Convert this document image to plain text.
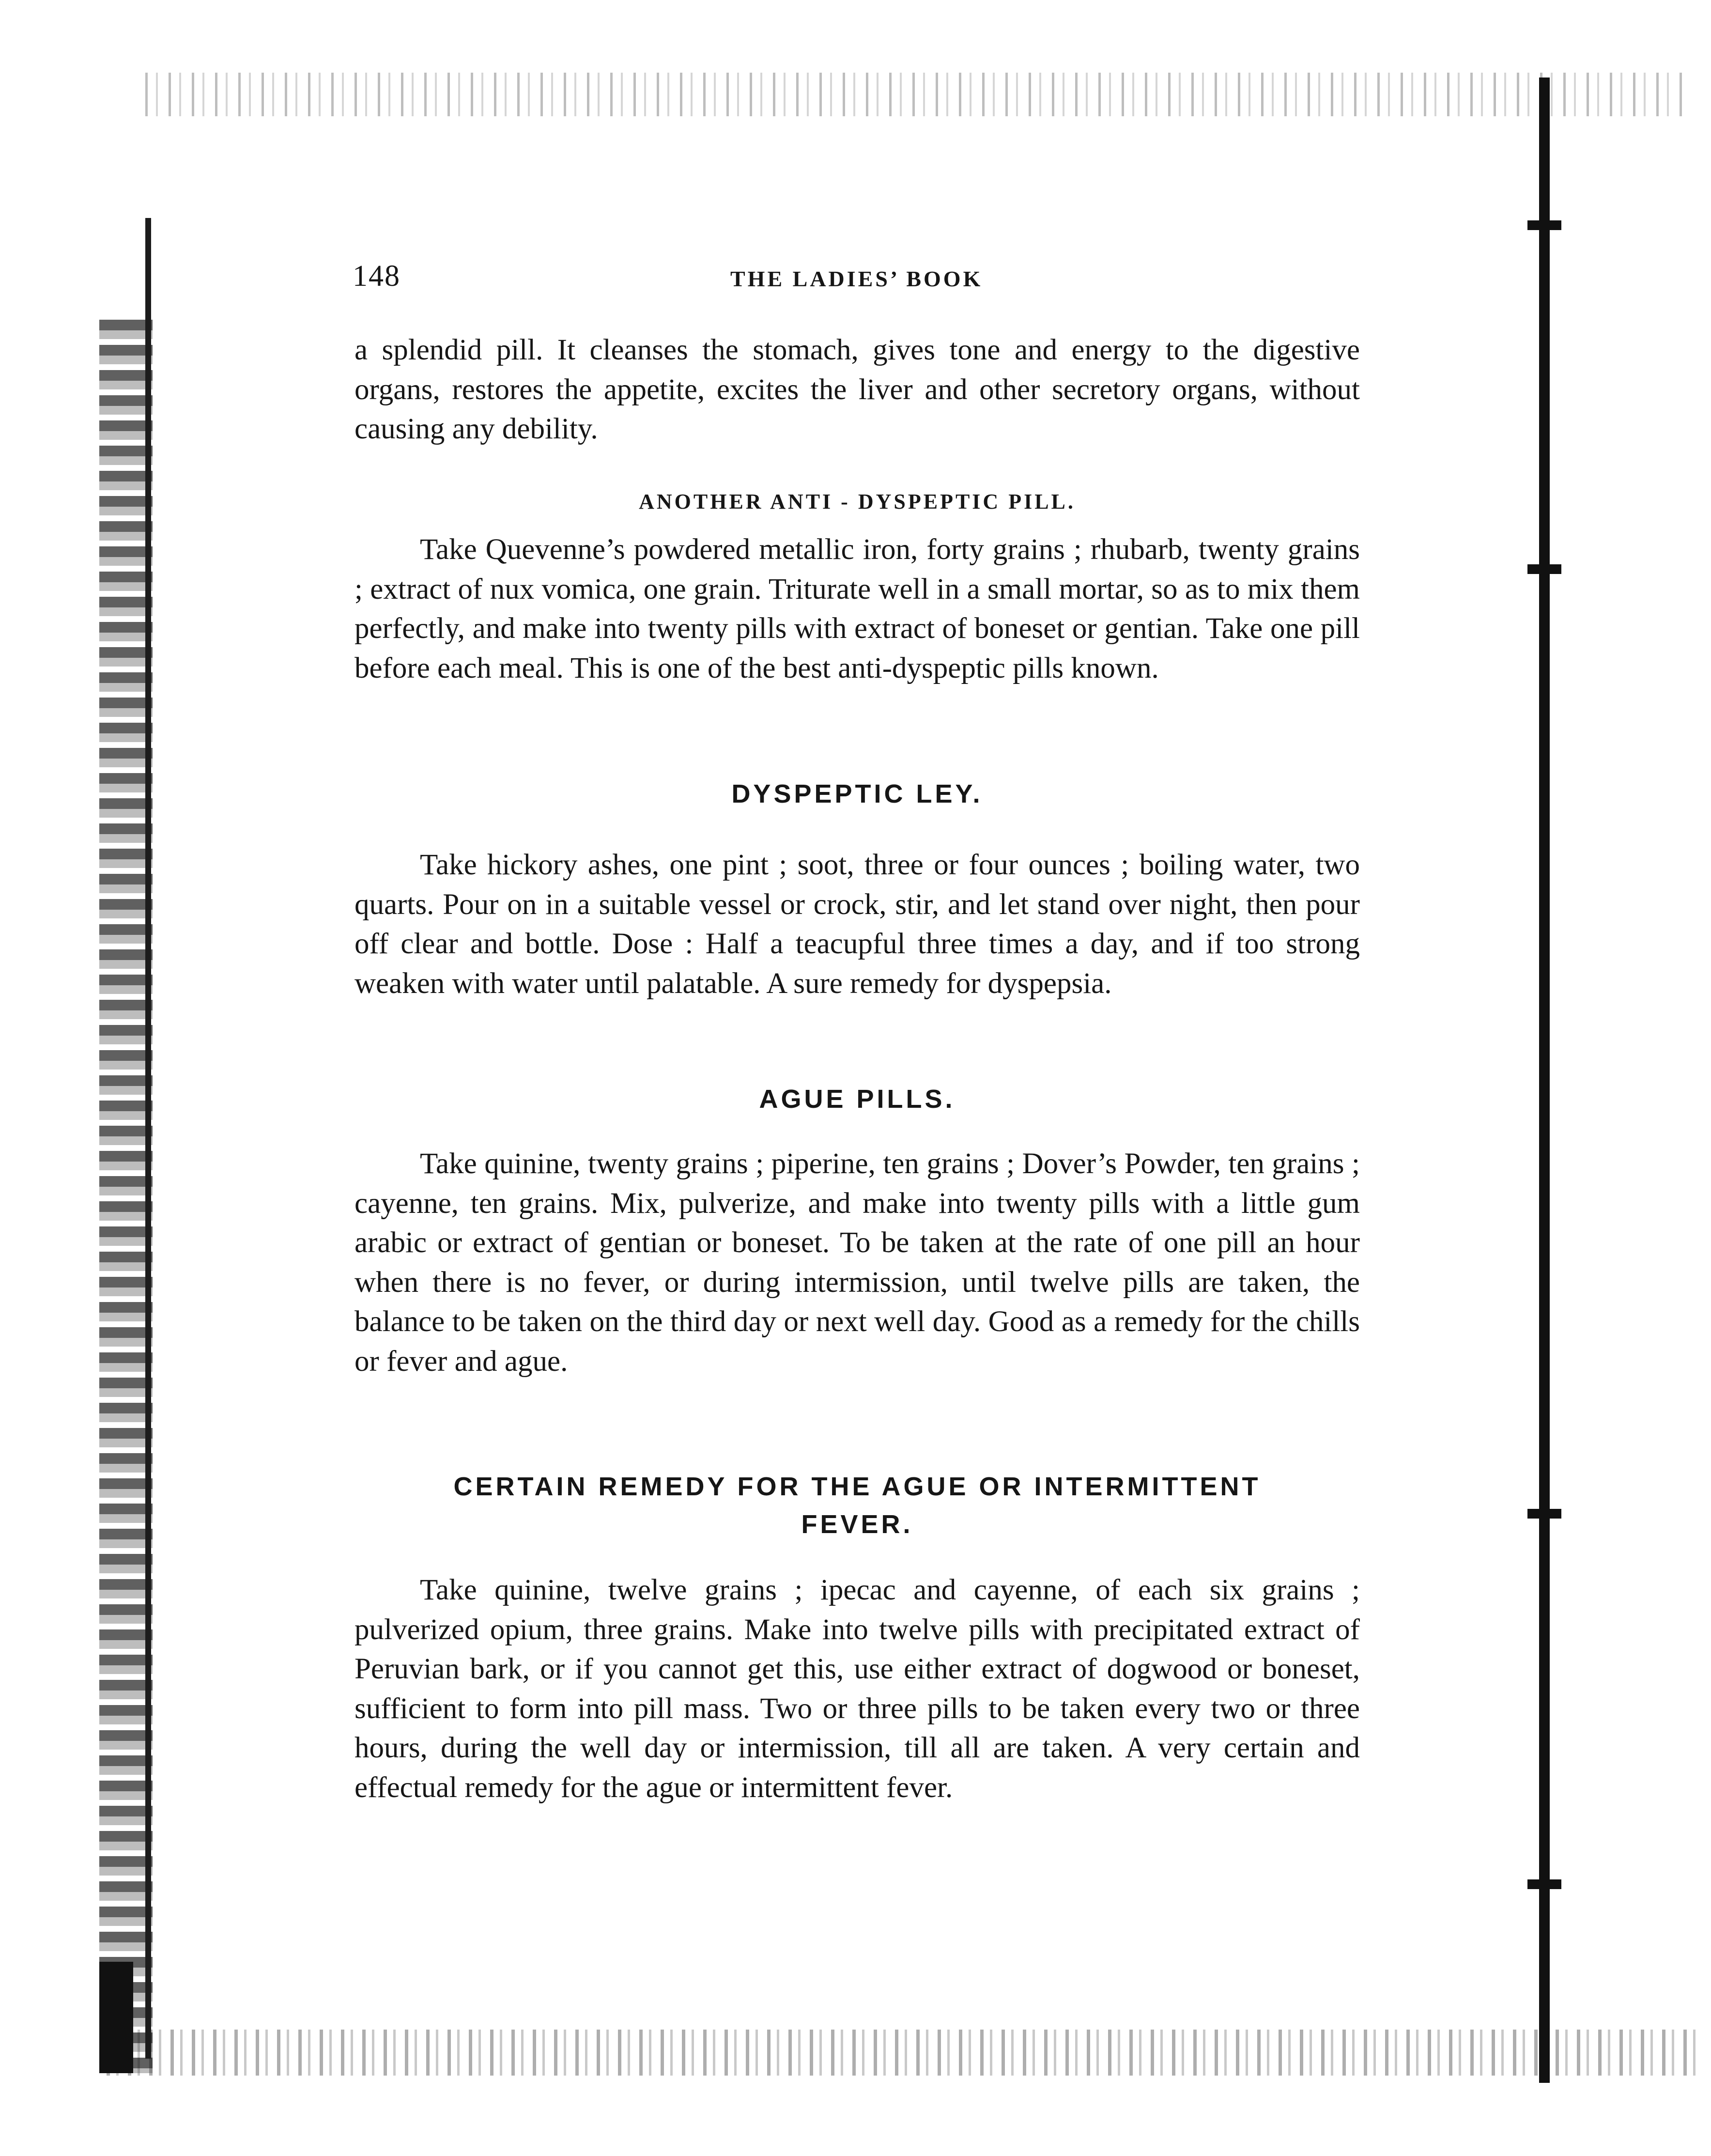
148	THE LADIES’ BOOK

a splendid pill. It cleanses the stomach, gives tone and energy to the digestive organs, restores the appetite, excites the liver and other secretory organs, without causing any debility.

ANOTHER ANTI - DYSPEPTIC PILL.

Take Quevenne’s powdered metallic iron, forty grains ; rhubarb, twenty grains ; extract of nux vomica, one grain. Triturate well in a small mortar, so as to mix them perfectly, and make into twenty pills with extract of boneset or gentian. Take one pill before each meal. This is one of the best anti-dyspeptic pills known.

DYSPEPTIC LEY.

Take hickory ashes, one pint ; soot, three or four ounces ; boiling water, two quarts. Pour on in a suitable vessel or crock, stir, and let stand over night, then pour off clear and bottle. Dose : Half a teacupful three times a day, and if too strong weaken with water until palatable. A sure remedy for dyspepsia.

AGUE PILLS.

Take quinine, twenty grains ; piperine, ten grains ; Dover’s Powder, ten grains ; cayenne, ten grains. Mix, pulverize, and make into twenty pills with a little gum arabic or extract of gentian or boneset. To be taken at the rate of one pill an hour when there is no fever, or during intermission, until twelve pills are taken, the balance to be taken on the third day or next well day. Good as a remedy for the chills or fever and ague.

CERTAIN REMEDY FOR THE AGUE OR INTERMITTENT FEVER.

Take quinine, twelve grains ; ipecac and cayenne, of each six grains ; pulverized opium, three grains. Make into twelve pills with precipitated extract of Peruvian bark, or if you cannot get this, use either extract of dogwood or boneset, sufficient to form into pill mass. Two or three pills to be taken every two or three hours, during the well day or intermission, till all are taken. A very certain and effectual remedy for the ague or intermittent fever.
